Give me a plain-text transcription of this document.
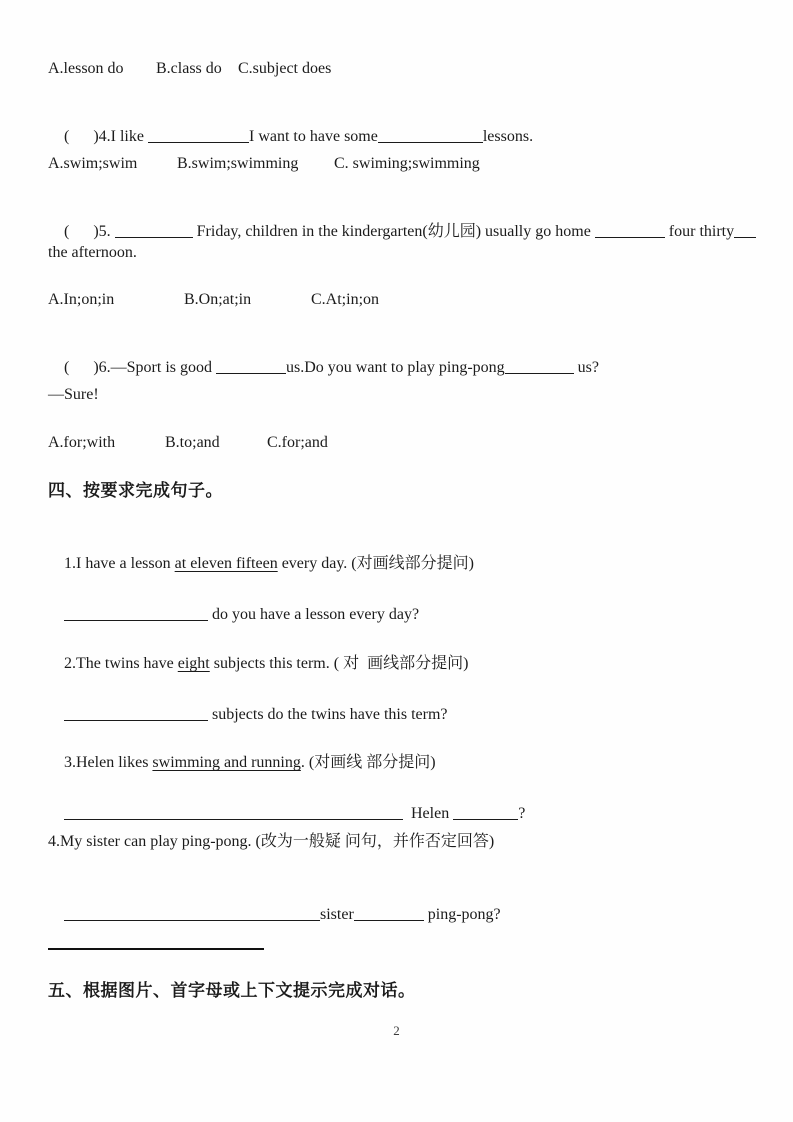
A.lesson do

B.class do

C.subject does

(      )4.I like	I want to have some	lessons.

A.swim;swim

B.swim;swimming

C. swiming;swimming

(      )5.	Friday, children in the kindergarten(幼儿园) usually go home	four thirty

the afternoon.

A.In;on;in

	B.On;at;in

	C.At;in;on

(      )6.—Sport is good	us.Do you want to play ping-pong	us?

—Sure!

A.for;with

	B.to;and

	C.for;and

四、按要求完成句子。

1.I have a lesson at eleven fifteen every day. (对画线部分提问)

do you have a lesson every day?

2.The twins have eight subjects this term. ( 对  画线部分提问)

subjects do the twins have this term?

3.Helen likes swimming and running. (对画线 部分提问)

Helen	?

4.My sister can play ping-pong. (改为一般疑 问句，并作否定回答)

sister	ping-pong?

五、根据图片、首字母或上下文提示完成对话。
2
